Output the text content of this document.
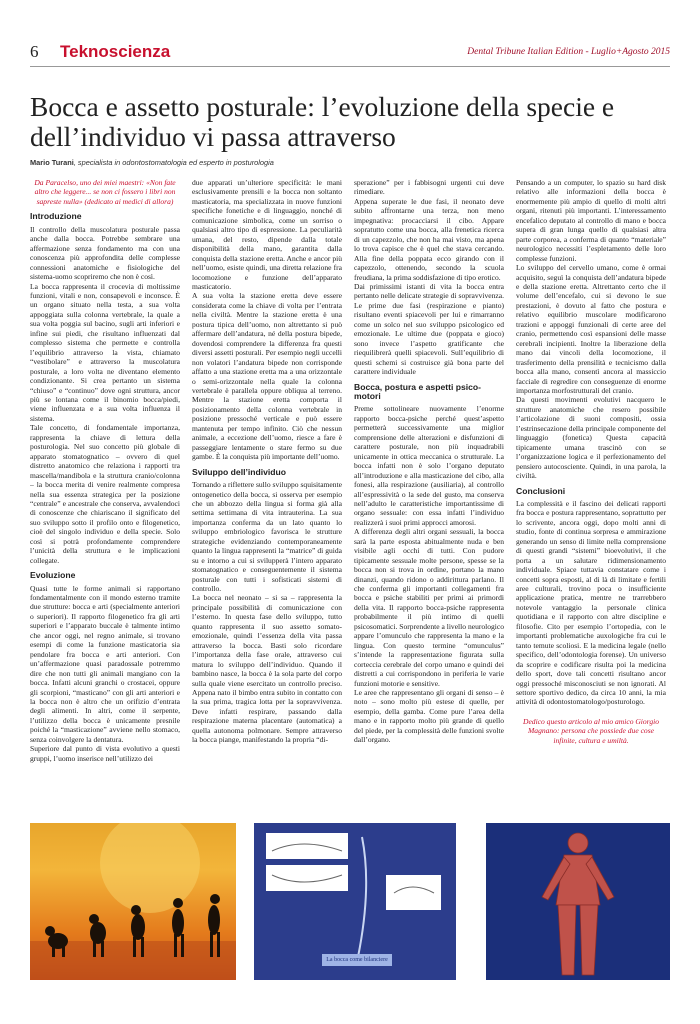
6 Teknoscienza	Dental Tribune Italian Edition - Luglio+Agosto 2015
Bocca e assetto posturale: l’evoluzione della specie e dell’individuo vi passa attraverso
Mario Turani, specialista in odontostomatologia ed esperto in posturologia

Da Paracelso, uno dei miei maestri: «Non fate altro che leggere... se non ci fossero i libri non sapreste nulla» (dedicato ai medici di allora)

Introduzione

Il controllo della muscolatura posturale passa anche dalla bocca. Potrebbe sembrare una affermazione senza fondamento ma con una conoscenza più approfondita delle complesse connessioni anatomiche e fisiologiche del sistema-uomo scopriremo che non è così.

La bocca rappresenta il crocevia di moltissime funzioni, vitali e non, consapevoli e inconsce. È un organo situato nella testa, a sua volta appoggiata sulla colonna vertebrale, la quale a sua volta poggia sul bacino, sugli arti inferiori e infine sui piedi, che risultano influenzati dal complesso sistema che permette e controlla l’equilibrio attraverso la vista, chiamato “vestibolare” e attraverso la muscolatura posturale, a loro volta ne diventano elemento condizionante. Si crea pertanto un sistema “chiuso” e “continuo” dove ogni struttura, ancor più se lontana come il binomio bocca/piedi, viene influenzata e a sua volta influenza il sistema.

Tale concetto, di fondamentale importanza, rappresenta la chiave di lettura della posturologia. Nel suo concetto più globale di apparato stomatognatico – ovvero di quel distretto anatomico che relaziona i rapporti tra mascella/mandibola e la struttura cranio/colonna – la bocca merita di venire realmente compresa nella sua essenza strategica per la posizione “centrale” e ancestrale che conserva, avvalendoci di conoscenze che chiariscano il significato del suo sviluppo sotto il profilo onto e filogenetico, cioè del singolo individuo e della specie. Solo così si potrà profondamente comprendere l’unicità della struttura e le implicazioni collegate.

Evoluzione

Quasi tutte le forme animali si rapportano fondamentalmente con il mondo esterno tramite due strutture: bocca e arti (specialmente anteriori o superiori). Il rapporto filogenetico fra gli arti superiori e l’apparato buccale è talmente intimo che ancor oggi, nel regno animale, si trovano esempi di come la funzione masticatoria sia pendolare fra bocca e arti anteriori. Con un’affermazione quasi paradossale potremmo dire che non tutti gli animali mangiano con la bocca. Infatti alcuni granchi o crostacei, oppure gli scorpioni, “masticano” con gli arti anteriori e la bocca non è altro che un orifizio d’entrata degli alimenti. In altri, come il serpente, l’utilizzo della bocca è unicamente presnile poiché la “masticazione” avviene nello stomaco, senza coinvolgere la dentatura.

Superiore dal punto di vista evolutivo a questi gruppi, l’uomo inserisce nell’utilizzo dei

due apparati un’ulteriore specificità: le mani esclusivamente prensili e la bocca non soltanto masticatoria, ma specializzata in nuove funzioni specifiche fonetiche e di linguaggio, nonché di comunicazione simbolica, come un sorriso o qualsiasi altro tipo di espressione. La peculiarità umana, del resto, dipende dalla totale disponibilità della mano, garantita dalla conquista della stazione eretta. Anche e ancor più nell’uomo, esiste quindi, una diretta relazione fra locomozione e funzione dell’apparato masticatorio.

A sua volta la stazione eretta deve essere considerata come la chiave di volta per l’entrata nella civiltà. Mentre la stazione eretta è una postura tipica dell’uomo, non altrettanto si può affermare dell’andatura, né della postura bipede, dovendosi comprendere la differenza fra questi diversi assetti posturali. Per esempio negli uccelli non volatori l’andatura bipede non corrisponde affatto a una stazione eretta ma a una orizzontale o semi-orizzontale nella quale la colonna vertebrale è parallela oppure obliqua al terreno. Mentre la stazione eretta comporta il posizionamento della colonna vertebrale in posizione pressoché verticale e può essere mantenuta per tempo infinito. Ciò che nessun animale, a eccezione dell’uomo, riesce a fare è passeggiare lentamente o stare fermo su due gambe. È la conquista più importante dell’uomo.

Sviluppo dell’individuo

Tornando a riflettere sullo sviluppo squisitamente ontogenetico della bocca, si osserva per esempio che un abbozzo della lingua si forma già alla settima settimana di vita intrauterina. La sua importanza conferma da un lato quanto lo sviluppo embriologico favorisca le strutture strategiche evidenziando contemporaneamente quanto la lingua rappresenti la “matrice” di guida su e intorno a cui si svilupperà l’intero apparato stomatognatico e conseguentemente il sistema posturale con tutti i sofisticati sistemi di controllo.

La bocca nel neonato – si sa – rappresenta la principale possibilità di comunicazione con l’esterno. In questa fase dello sviluppo, tutto quanto rappresenta il suo assetto somato-emozionale, quindi l’essenza della vita passa attraverso la bocca. Basti solo ricordare l’importanza della fase orale, attraverso cui matura lo sviluppo dell’individuo. Quando il bambino nasce, la bocca è la sola parte del corpo sulla quale viene esercitato un controllo preciso. Appena nato il bimbo entra subito in contatto con la sua prima, tragica lotta per la sopravvivenza. Deve infatti respirare, passando dalla respirazione materna placentare (automatica) a quella autonoma polmonare. Sempre attraverso la bocca piange, manifestando la propria “di-

sperazione” per i fabbisogni urgenti cui deve rimediare.

Appena superate le due fasi, il neonato deve subito affrontarne una terza, non meno impegnativa: procacciarsi il cibo. Appare sopratutto come una bocca, alla frenetica ricerca di un capezzolo, che non ha mai visto, ma apena lo trova capisce che è quel che stava cercando. Alla fine della poppata ecco girando con il capezzolo, ottenendo, secondo la scuola freudiana, la prima soddisfazione di tipo erotico.

Dai primissimi istanti di vita la bocca entra pertanto nelle delicate strategie di sopravvivenza. Le prime due fasi (respirazione e pianto) risultano eventi spiacevoli per lui e rimarranno come un solco nel suo sviluppo psicologico ed emozionale. Le ultime due (poppata e gioco) sono invece l’aspetto gratificante che riequilibrerà quelli spiacevoli. Sull’equilibrio di questi schemi si costruisce già bona parte del carattere individuale

Bocca, postura e aspetti psico-motori

Preme sottolineare nuovamente l’enorme rapporto bocca-psiche perché quest’aspetto permetterà successivamente una miglior comprensione delle alterazioni e disfunzioni di carattere posturale, non più inquadrabili unicamente in ottica meccanica o strutturale. La bocca infatti non è solo l’organo deputato all’introduzione e alla masticazione del cibo, alla fonesi, alla respirazione (ausiliaria), al controllo all’espressività o la sede del gusto, ma conserva nell’adulto le caratteristiche importantissime di organo sessuale: con essa infatti l’individuo realizzerà i suoi primi approcci amorosi.

A differenza degli altri organi sessuali, la bocca sarà la parte esposta abitualmente nuda e ben visibile agli occhi di tutti. Con pudore tipicamente sessuale molte persone, spesse se la bocca non si trova in ordine, portano la mano dinanzi, quando ridono o addirittura parlano. Il che conferma gli importanti collegamenti fra bocca e psiche stabiliti per primi ai primordi della vita. Il rapporto bocca-psiche rappresenta probabilmente il più intimo di quelli psicosomatici. Sorprendente a livello neurologico appare l’omunculo che rappresenta la mano e la lingua. Con questo termine “omunculus” s’intende la rappresentazione figurata sulla corteccia cerebrale del corpo umano e quindi dei distretti a cui corrispondono in periferia le varie funzioni motorie e sensitive.

Le aree che rappresentano gli organi di senso – è noto – sono molto più estese di quelle, per esempio, della gamba. Come pure l’area della mano e in rapporto molto più grande di quello del piede, per la complessità delle funzioni svolte dall’organo.

Pensando a un computer, lo spazio su hard disk relativo alle informazioni della bocca è enormemente più ampio di quello di molti altri organi, ritenuti più importanti. L’interessamento encefalico deputato al controllo di mano e bocca supera di gran lunga quello di qualsiasi altra parte corporea, a conferma di quanto “materiale” neurologico necessiti l’espletamento delle loro complesse funzioni.

Lo sviluppo del cervello umano, come è ormai acquisito, seguì la conquista dell’andatura bipede e della stazione eretta. Altrettanto certo che il volume dell’encefalo, cui si devono le sue prestazioni, è dovuto al fatto che postura e relativo equilibrio muscolare modificarono trazioni e appoggi funzionali di certe aree del cranio, permettendo così espansioni delle masse cerebrali incipienti. Inoltre la liberazione della mano dai vincoli della locomozione, il trasferimento della prensilità e tecnicismo dalla bocca alla mano, consentì ancora al massiccio facciale di regredire con conseguenze di enorme importanza morfostrutturali del cranio.

Da questi movimenti evolutivi nacquero le strutture anatomiche che resero possibile l’articolazione di suoni compositi, ossia l’estrinsecazione della principale componente del linguaggio (fonetica) Questa capacità tipicamente umana trascinò con se l’organizzazione logica e il perfezionamento del pensiero autocosciente. Quindi, in una parola, la civiltà.

Conclusioni

La complessità e il fascino dei delicati rapporti fra bocca e postura rappresentano, soprattutto per lo scrivente, ancora oggi, dopo molti anni di studio, fonte di continua sorpresa e ammirazione generando un senso di limite nella comprensione di questi grandi “sistemi” bioevolutivi, il che porta a un salutare ridimensionamento individuale. Spiace tuttavia constatare come i concetti sopra esposti, al di là di limitate e fertili aree culturali, trovino poca o insufficiente applicazione pratica, mentre ne trarrebbero notevole vantaggio la personale clinica quotidiana e il rapporto con altre discipline e filosofie. Cito per esempio l’ortopedia, con le importanti problematiche auxologiche fra cui le tanto temute scoliosi. E la medicina legale (nello specifico, dell’odontologia forense). Un universo da scoprire e codificare risulta poi la medicina dello sport, dove tali concetti risultano ancor oggi pressoché misconosciuti se non ignorati. Al settore sportivo dedico, da circa 10 anni, la mia attività di odontostomatologo/posturologo.

Dedico questo articolo al mio amico Giorgio Magnano: persona che possiede due cose infinite, cultura e umiltà.

La bocca come bilanciere
